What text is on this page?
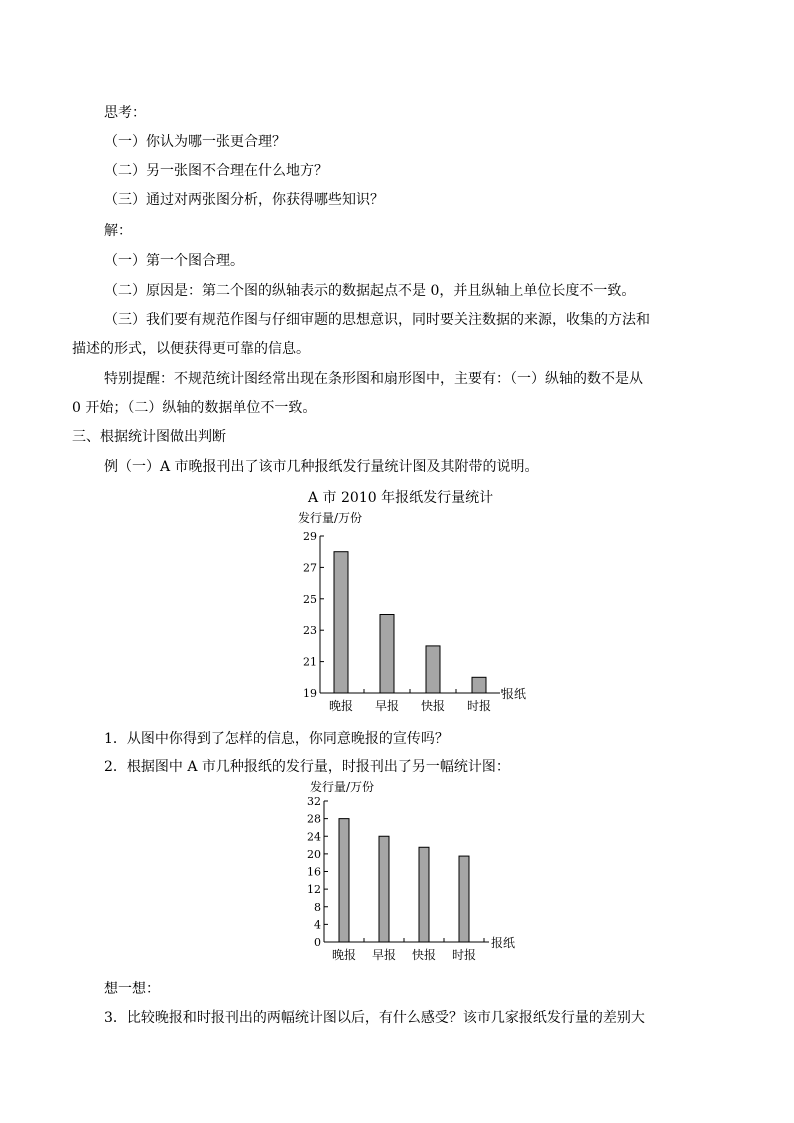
思考：
（一）你认为哪一张更合理？
（二）另一张图不合理在什么地方？
（三）通过对两张图分析，你获得哪些知识？
解：
（一）第一个图合理。
（二）原因是：第二个图的纵轴表示的数据起点不是 0，并且纵轴上单位长度不一致。
（三）我们要有规范作图与仔细审题的思想意识，同时要关注数据的来源，收集的方法和
描述的形式，以便获得更可靠的信息。
特别提醒：不规范统计图经常出现在条形图和扇形图中，主要有：（一）纵轴的数不是从
0 开始；（二）纵轴的数据单位不一致。
三、根据统计图做出判断
例（一）A 市晚报刊出了该市几种报纸发行量统计图及其附带的说明。
A 市 2010 年报纸发行量统计
发行量/万份
19
21
23
25
27
29
晚报 早报 快报 时报
报纸
1．从图中你得到了怎样的信息，你同意晚报的宣传吗？
2．根据图中 A 市几种报纸的发行量，时报刊出了另一幅统计图：
发行量/万份
0
4
8
12
16
20
24
28
32
晚报 早报 快报 时报
报纸
想一想：
3．比较晚报和时报刊出的两幅统计图以后，有什么感受？该市几家报纸发行量的差别大
